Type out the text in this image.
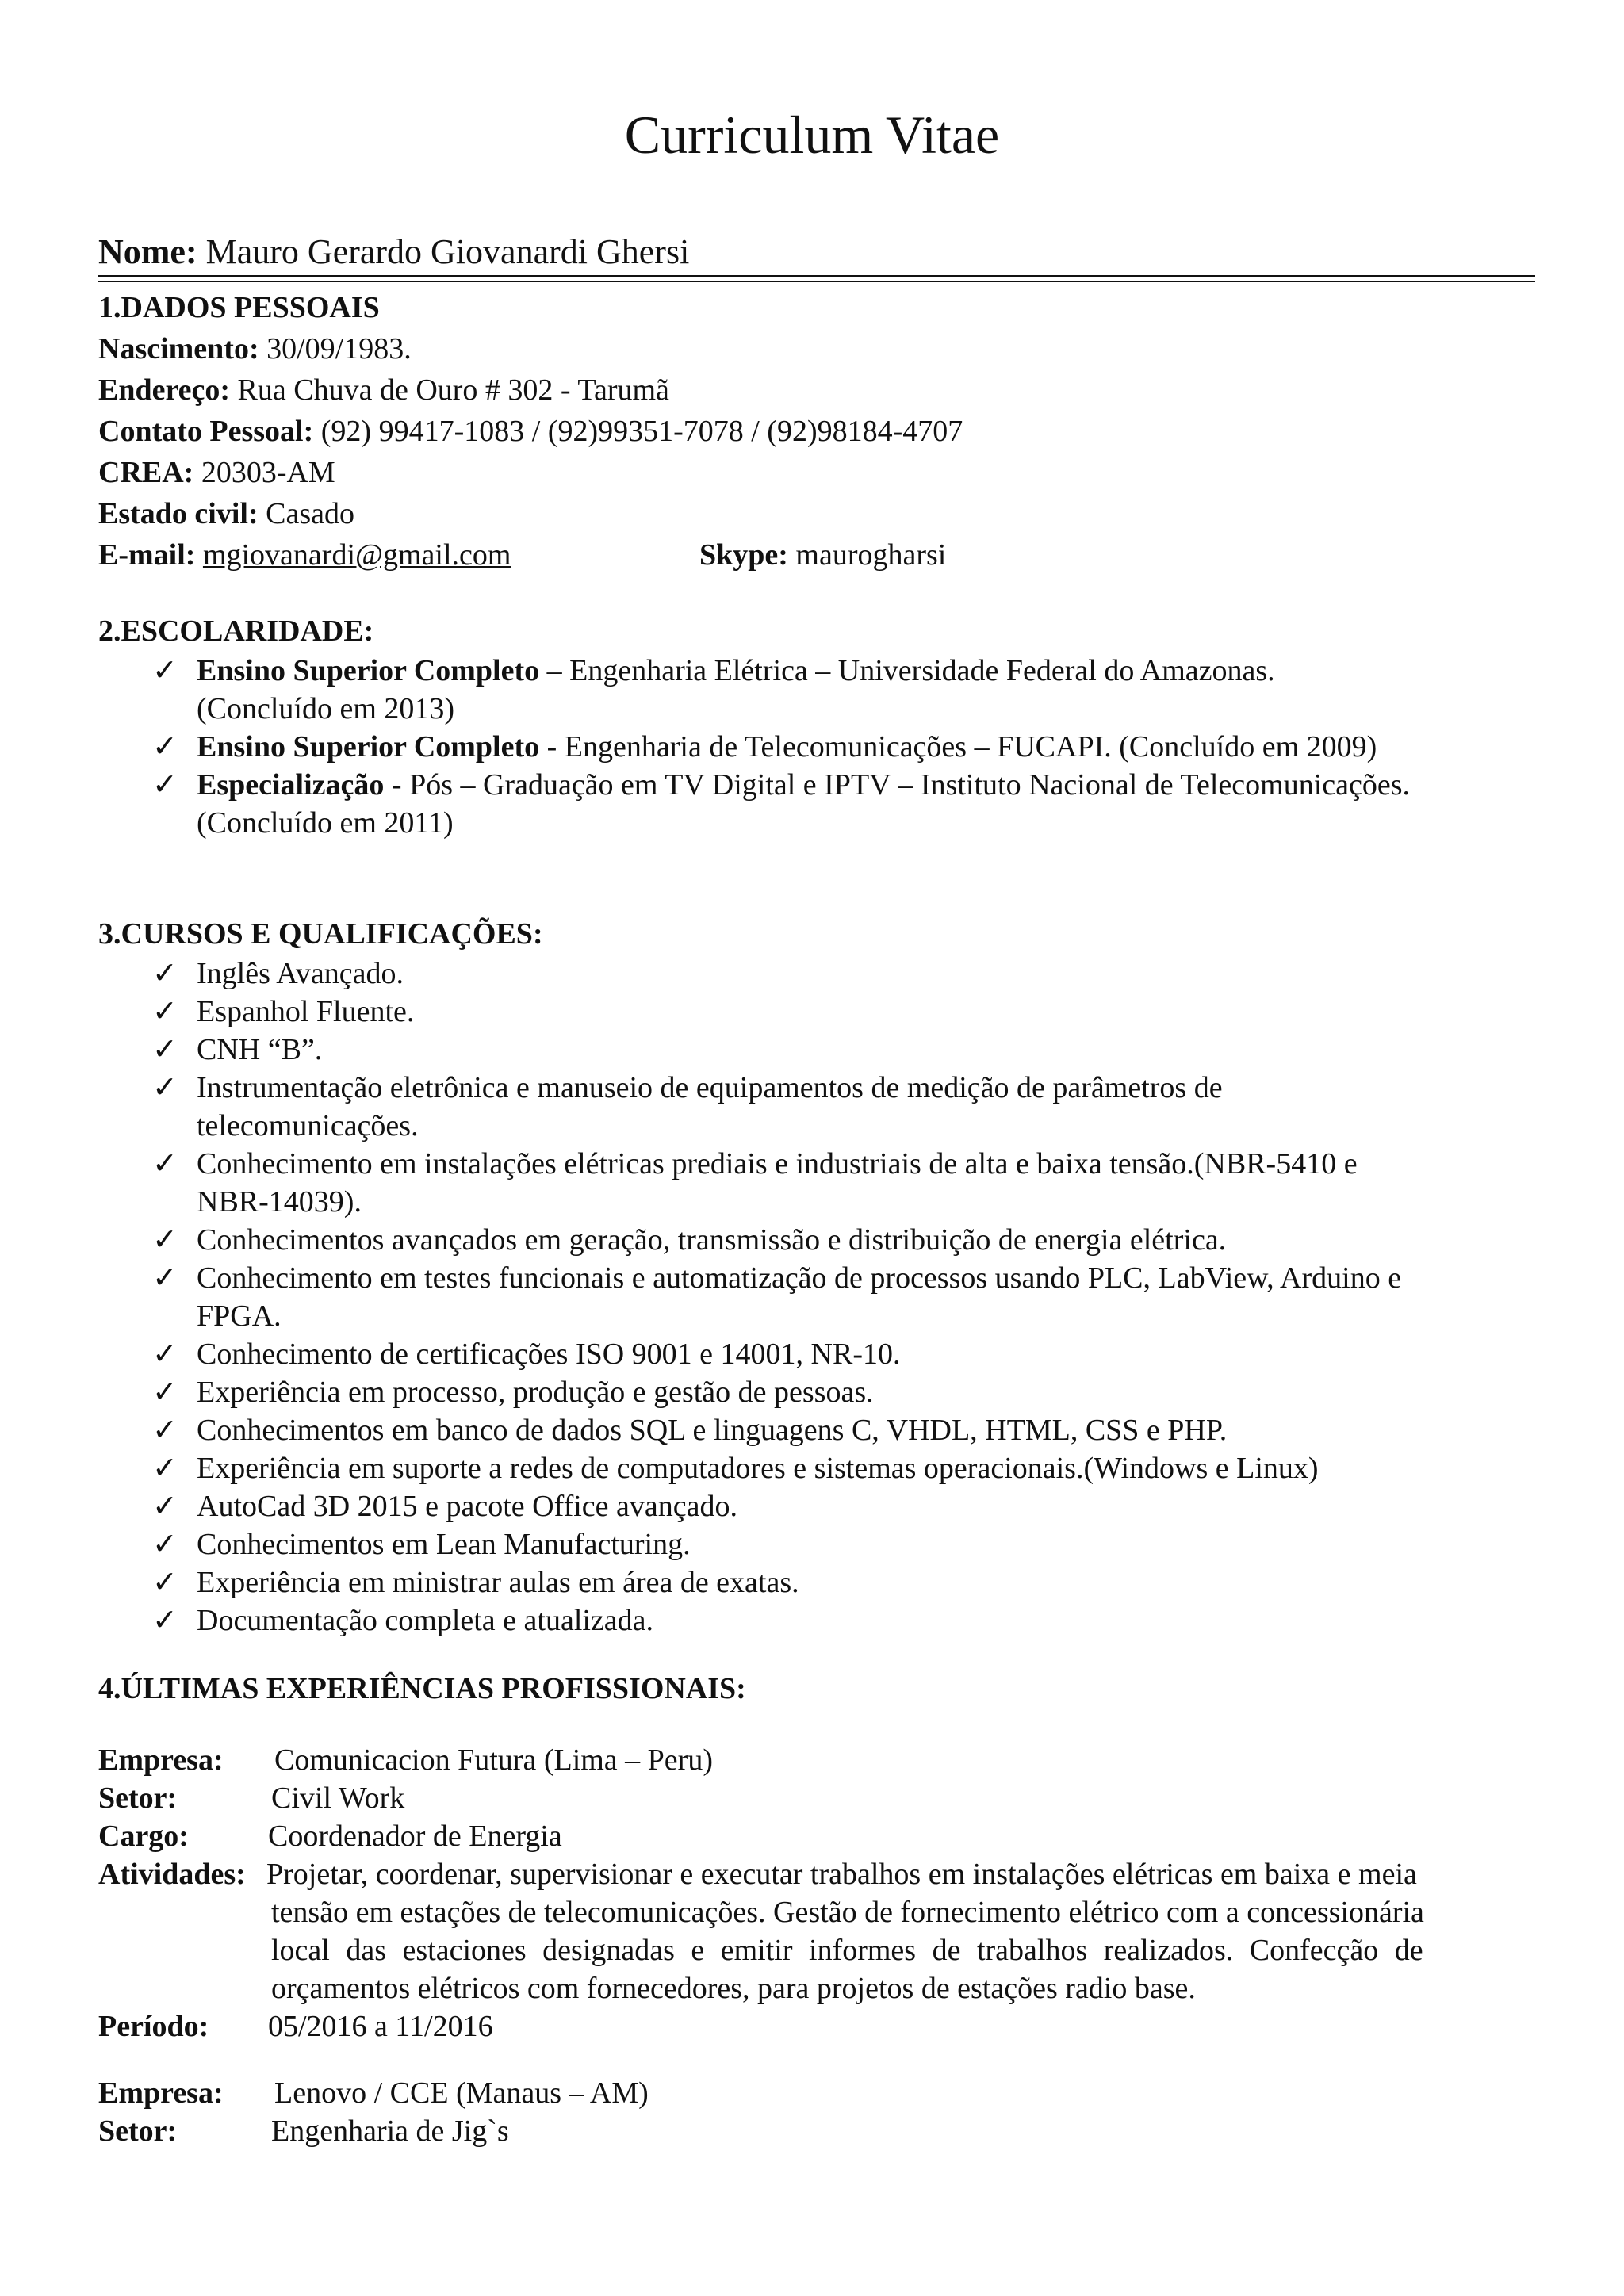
Curriculum Vitae
Nome: Mauro Gerardo Giovanardi Ghersi
1.DADOS PESSOAIS
Nascimento: 30/09/1983.
Endereço: Rua Chuva de Ouro # 302 - Tarumã
Contato Pessoal: (92) 99417-1083 / (92)99351-7078 / (92)98184-4707
CREA: 20303-AM
Estado civil: Casado
E-mail: mgiovanardi@gmail.com	Skype: maurogharsi
2.ESCOLARIDADE:
✓ Ensino Superior Completo – Engenharia Elétrica – Universidade Federal do Amazonas.
(Concluído em 2013)
✓ Ensino Superior Completo - Engenharia de Telecomunicações – FUCAPI. (Concluído em 2009)
✓ Especialização - Pós – Graduação em TV Digital e IPTV – Instituto Nacional de Telecomunicações.
(Concluído em 2011)
3.CURSOS E QUALIFICAÇÕES:
✓ Inglês Avançado.
✓ Espanhol Fluente.
✓ CNH “B”.
✓ Instrumentação eletrônica e manuseio de equipamentos de medição de parâmetros de
telecomunicações.
✓ Conhecimento em instalações elétricas prediais e industriais de alta e baixa tensão.(NBR-5410 e
NBR-14039).
✓ Conhecimentos avançados em geração, transmissão e distribuição de energia elétrica.
✓ Conhecimento em testes funcionais e automatização de processos usando PLC, LabView, Arduino e
FPGA.
✓ Conhecimento de certificações ISO 9001 e 14001, NR-10.
✓ Experiência em processo, produção e gestão de pessoas.
✓ Conhecimentos em banco de dados SQL e linguagens C, VHDL, HTML, CSS e PHP.
✓ Experiência em suporte a redes de computadores e sistemas operacionais.(Windows e Linux)
✓ AutoCad 3D 2015 e pacote Office avançado.
✓ Conhecimentos em Lean Manufacturing.
✓ Experiência em ministrar aulas em área de exatas.
✓ Documentação completa e atualizada.
4.ÚLTIMAS EXPERIÊNCIAS PROFISSIONAIS:
Empresa: Comunicacion Futura (Lima – Peru)
Setor:	Civil Work
Cargo:	Coordenador de Energia
Atividades: Projetar, coordenar, supervisionar e executar trabalhos em instalações elétricas em baixa e meia
tensão em estações de telecomunicações. Gestão de fornecimento elétrico com a concessionária
local das estaciones designadas e emitir informes de trabalhos realizados. Confecção de
orçamentos elétricos com fornecedores, para projetos de estações radio base.
Período: 05/2016 a 11/2016
Empresa: Lenovo / CCE (Manaus – AM)
Setor:	Engenharia de Jig`s
